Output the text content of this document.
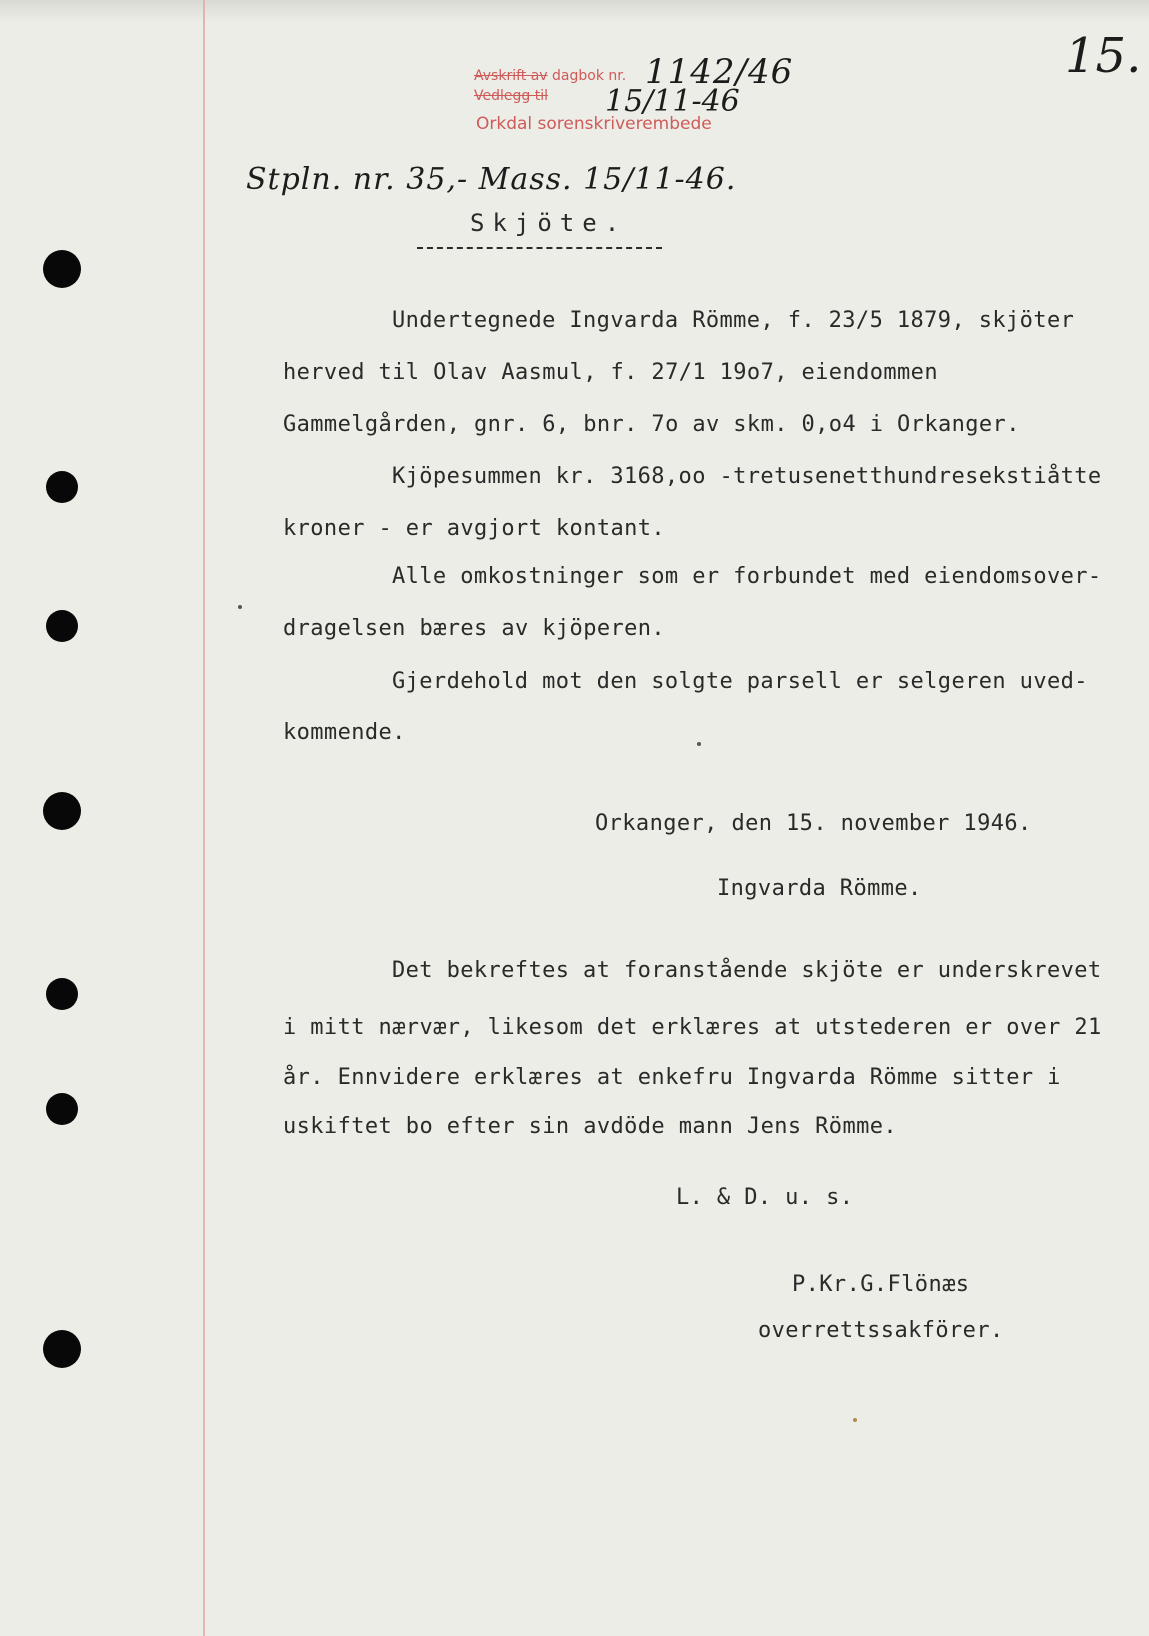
Avskrift av dagbok nr.
Vedlegg til
Orkdal sorenskriverembede
1142/46
15/11-46
15.
Stpln. nr. 35,- Mass. 15/11-46.
Skjöte.
Undertegnede Ingvarda Römme, f. 23/5 1879, skjöter
herved til Olav Aasmul, f. 27/1 19o7, eiendommen
Gammelgården, gnr. 6, bnr. 7o av skm. 0,o4 i Orkanger.
Kjöpesummen kr. 3168,oo -tretusenetthundresekstiåtte
kroner - er avgjort kontant.
Alle omkostninger som er forbundet med eiendomsover-
dragelsen bæres av kjöperen.
Gjerdehold mot den solgte parsell er selgeren uved-
kommende.
Orkanger, den 15. november 1946.
Ingvarda Römme.
Det bekreftes at foranstående skjöte er underskrevet
i mitt nærvær, likesom det erklæres at utstederen er over 21
år. Ennvidere erklæres at enkefru Ingvarda Römme sitter i
uskiftet bo efter sin avdöde mann Jens Römme.
L. & D. u. s.
P.Kr.G.Flönæs
overrettssakförer.
